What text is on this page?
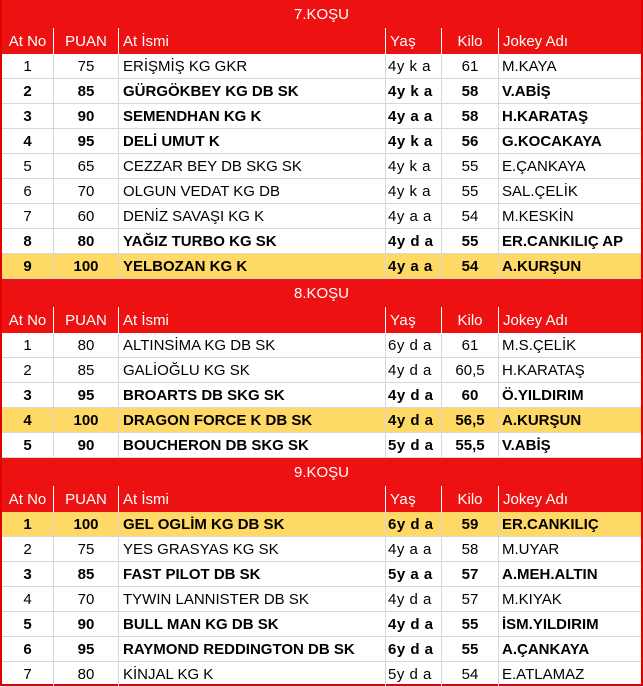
7.KOŞU
At No	PUAN	At İsmi	Yaş	Kilo	Jokey Adı
1	75	ERİŞMİŞ KG GKR	4y k a	61	M.KAYA
2	85	GÜRGÖKBEY KG DB SK	4y k a	58	V.ABİŞ
3	90	SEMENDHAN KG K	4y a a	58	H.KARATAŞ
4	95	DELİ UMUT K	4y k a	56	G.KOCAKAYA
5	65	CEZZAR BEY DB SKG SK	4y k a	55	E.ÇANKAYA
6	70	OLGUN VEDAT KG DB	4y k a	55	SAL.ÇELİK
7	60	DENİZ SAVAŞI KG K	4y a a	54	M.KESKİN
8	80	YAĞIZ TURBO KG SK	4y d a	55	ER.CANKILIÇ AP
9	100	YELBOZAN KG K	4y a a	54	A.KURŞUN
8.KOŞU
At No	PUAN	At İsmi	Yaş	Kilo	Jokey Adı
1	80	ALTINSİMA KG DB SK	6y d a	61	M.S.ÇELİK
2	85	GALİOĞLU KG SK	4y d a	60,5	H.KARATAŞ
3	95	BROARTS DB SKG SK	4y d a	60	Ö.YILDIRIM
4	100	DRAGON FORCE K DB SK	4y d a	56,5	A.KURŞUN
5	90	BOUCHERON DB SKG SK	5y d a	55,5	V.ABİŞ
9.KOŞU
At No	PUAN	At İsmi	Yaş	Kilo	Jokey Adı
1	100	GEL OGLİM KG DB SK	6y d a	59	ER.CANKILIÇ
2	75	YES GRASYAS KG SK	4y a a	58	M.UYAR
3	85	FAST PILOT DB SK	5y a a	57	A.MEH.ALTIN
4	70	TYWIN LANNISTER DB SK	4y d a	57	M.KIYAK
5	90	BULL MAN KG DB SK	4y d a	55	İSM.YILDIRIM
6	95	RAYMOND REDDINGTON DB SK	6y d a	55	A.ÇANKAYA
7	80	KİNJAL KG K	5y d a	54	E.ATLAMAZ
